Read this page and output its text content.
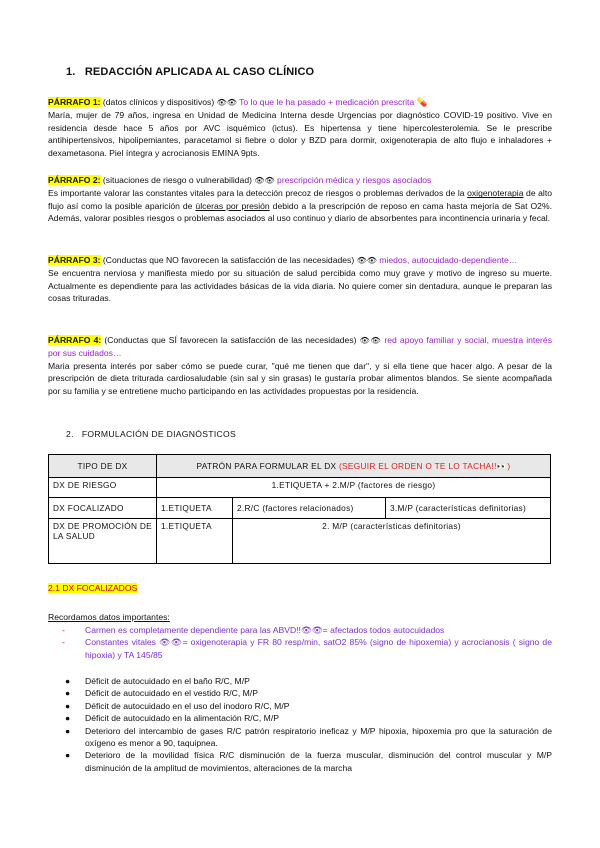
1. REDACCIÓN APLICADA AL CASO CLÍNICO
PÁRRAFO 1: (datos clínicos y dispositivos) 👁👁 To lo que le ha pasado + medicación prescrita 💊
María, mujer de 79 años, ingresa en Unidad de Medicina Interna desde Urgencias por diagnóstico COVID-19 positivo. Vive en residencia desde hace 5 años por AVC isquémico (ictus). Es hipertensa y tiene hipercolesterolemia. Se le prescribe antihipertensivos, hipolipemiantes, paracetamol si fiebre o dolor y BZD para dormir, oxigenoterapia de alto flujo e inhaladores + dexametasona. Piel íntegra y acrocianosis EMINA 9pts.
PÁRRAFO 2: (situaciones de riesgo o vulnerabilidad) 👁👁 prescripción médica y riesgos asociados
Es importante valorar las constantes vitales para la detección precoz de riesgos o problemas derivados de la oxigenoterapia de alto flujo así como la posible aparición de úlceras por presión debido a la prescripción de reposo en cama hasta mejoría de Sat O2%. Además, valorar posibles riesgos o problemas asociados al uso continuo y diario de absorbentes para incontinencia urinaria y fecal.
PÁRRAFO 3: (Conductas que NO favorecen la satisfacción de las necesidades) 👁👁 miedos, autocuidado-dependiente…
Se encuentra nerviosa y manifiesta miedo por su situación de salud percibida como muy grave y motivo de ingreso su muerte. Actualmente es dependiente para las actividades básicas de la vida diaria. No quiere comer sin dentadura, aunque le preparan las cosas trituradas.
PÁRRAFO 4: (Conductas que SÍ favorecen la satisfacción de las necesidades) 👁👁 red apoyo familiar y social, muestra interés por sus cuidados…
Maria presenta interés por saber cómo se puede curar, "qué me tienen que dar", y si ella tiene que hacer algo. A pesar de la prescripción de dieta triturada cardiosaludable (sin sal y sin grasas) le gustaría probar alimentos blandos. Se siente acompañada por su familia y se entretiene mucho participando en las actividades propuestas por la residencia.
2. FORMULACIÓN DE DIAGNÓSTICOS
TIPO DE DX	PATRÓN PARA FORMULAR EL DX (SEGUIR EL ORDEN O TE LO TACHA!!👀)		
DX DE RIESGO	1.ETIQUETA + 2.M/P (factores de riesgo)		
DX FOCALIZADO	1.ETIQUETA	2.R/C (factores relacionados)	3.M/P (características definitorias)
DX DE PROMOCIÓN DE LA SALUD	1.ETIQUETA	2. M/P (características definitorias)	
2.1 DX FOCALIZADOS
Recordamos datos importantes:
- Carmen es completamente dependiente para las ABVD!!👁👁= afectados todos autocuidados
- Constantes vitales 👁👁= oxigenoterapia y FR 80 resp/min, satO2 85% (signo de hipoxemia) y acrocianosis ( signo de hipoxia) y TA 145/85
● Déficit de autocuidado en el baño R/C, M/P
● Déficit de autocuidado en el vestido R/C, M/P
● Déficit de autocuidado en el uso del inodoro R/C, M/P
● Déficit de autocuidado en la alimentación R/C, M/P
● Deterioro del intercambio de gases R/C patrón respiratorio ineficaz y M/P hipoxia, hipoxemia pro que la saturación de oxígeno es menor a 90, taquipnea.
● Deterioro de la movilidad física R/C disminución de la fuerza muscular, disminución del control muscular y M/P disminución de la amplitud de movimientos, alteraciones de la marcha
